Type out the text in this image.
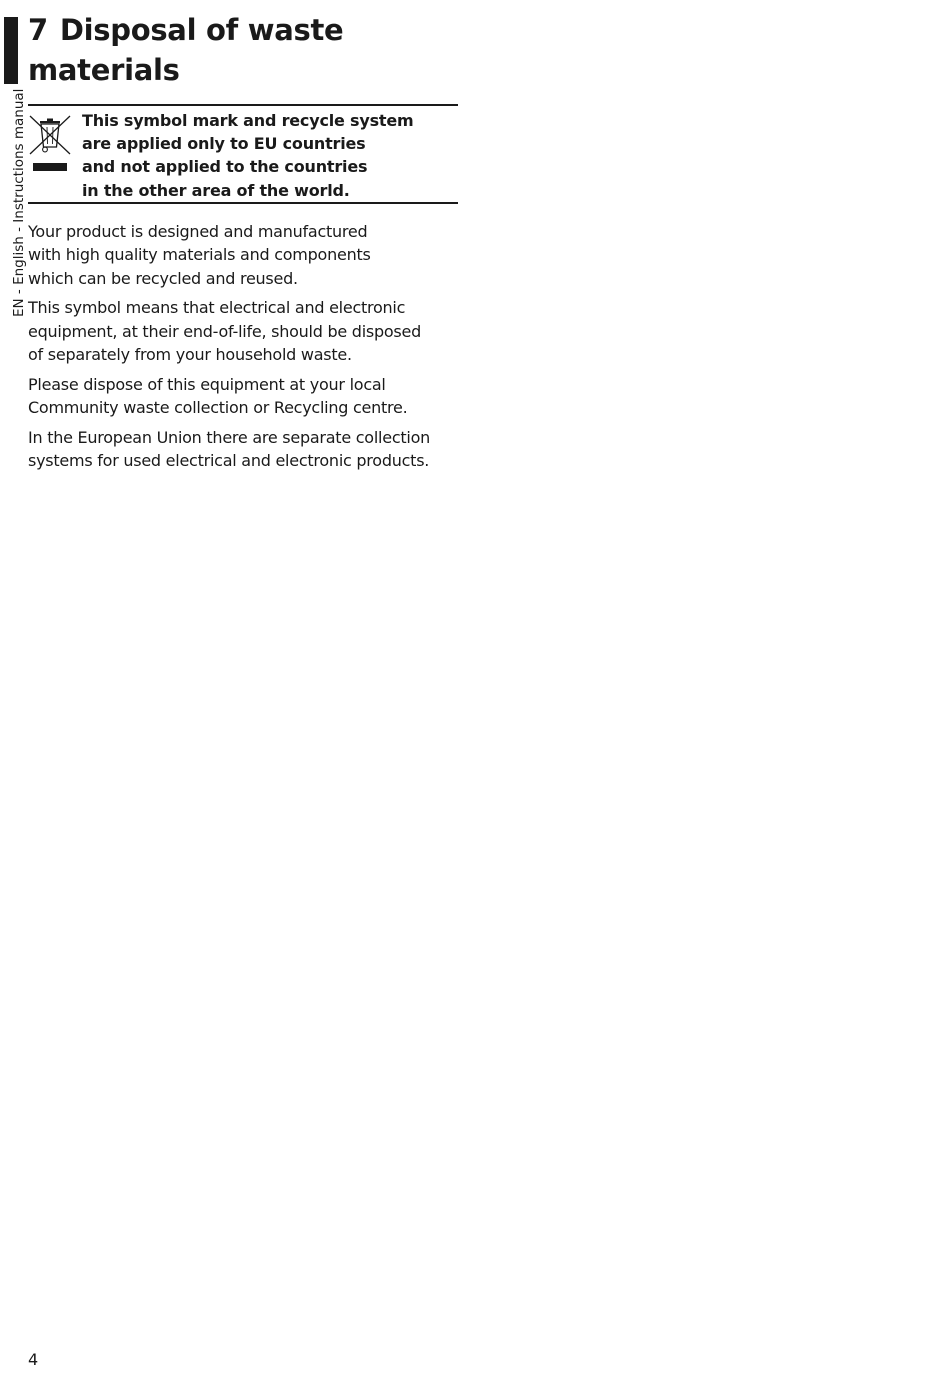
EN - English - Instructions manual
7 Disposal of waste
materials
This symbol mark and recycle system
are applied only to EU countries
and not applied to the countries
in the other area of the world.

Your product is designed and manufactured
with high quality materials and components
which can be recycled and reused.

This symbol means that electrical and electronic
equipment, at their end-of-life, should be disposed
of separately from your household waste.

Please dispose of this equipment at your local
Community waste collection or Recycling centre.

In the European Union there are separate collection
systems for used electrical and electronic products.

4
